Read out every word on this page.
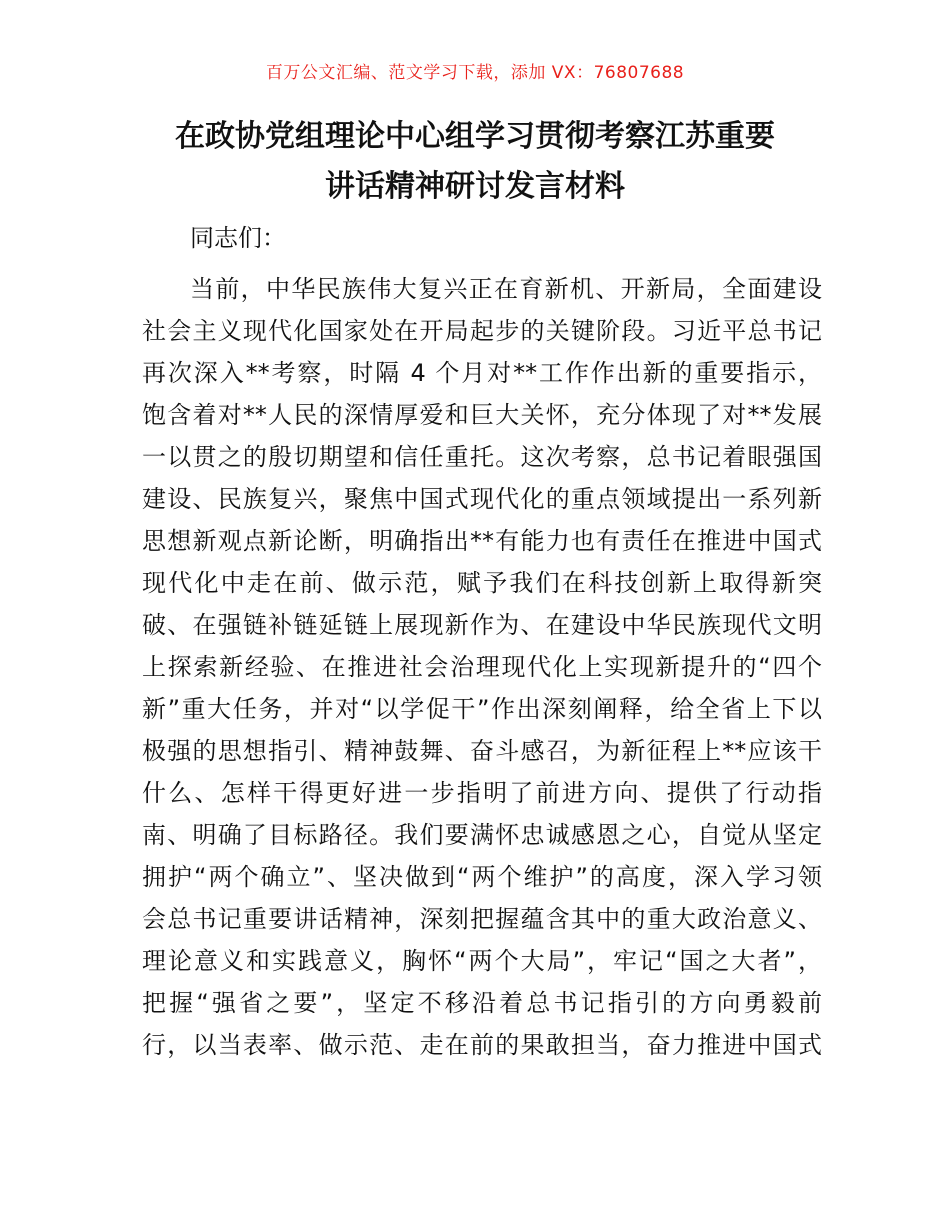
百万公文汇编、范文学习下载，添加 VX：76807688
在政协党组理论中心组学习贯彻考察江苏重要
讲话精神研讨发言材料
同志们：
当前，中华民族伟大复兴正在育新机、开新局，全面建设
社会主义现代化国家处在开局起步的关键阶段。习近平总书记
再次深入**考察，时隔 4 个月对**工作作出新的重要指示，
饱含着对**人民的深情厚爱和巨大关怀，充分体现了对**发展
一以贯之的殷切期望和信任重托。这次考察，总书记着眼强国
建设、民族复兴，聚焦中国式现代化的重点领域提出一系列新
思想新观点新论断，明确指出**有能力也有责任在推进中国式
现代化中走在前、做示范，赋予我们在科技创新上取得新突
破、在强链补链延链上展现新作为、在建设中华民族现代文明
上探索新经验、在推进社会治理现代化上实现新提升的“四个
新”重大任务，并对“以学促干”作出深刻阐释，给全省上下以
极强的思想指引、精神鼓舞、奋斗感召，为新征程上**应该干
什么、怎样干得更好进一步指明了前进方向、提供了行动指
南、明确了目标路径。我们要满怀忠诚感恩之心，自觉从坚定
拥护“两个确立”、坚决做到“两个维护”的高度，深入学习领
会总书记重要讲话精神，深刻把握蕴含其中的重大政治意义、
理论意义和实践意义，胸怀“两个大局”，牢记“国之大者”，
把握“强省之要”，坚定不移沿着总书记指引的方向勇毅前
行，以当表率、做示范、走在前的果敢担当，奋力推进中国式
